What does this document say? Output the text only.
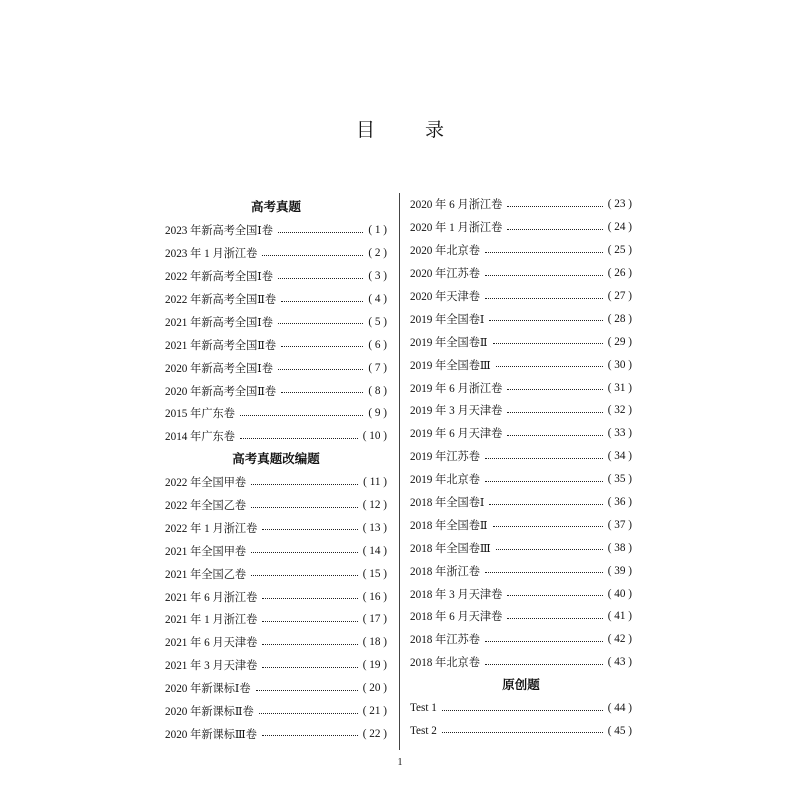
目 录
高考真题
2023 年新高考全国Ⅰ卷	( 1 )
2023 年 1 月浙江卷	( 2 )
2022 年新高考全国Ⅰ卷	( 3 )
2022 年新高考全国Ⅱ卷	( 4 )
2021 年新高考全国Ⅰ卷	( 5 )
2021 年新高考全国Ⅱ卷	( 6 )
2020 年新高考全国Ⅰ卷	( 7 )
2020 年新高考全国Ⅱ卷	( 8 )
2015 年广东卷	( 9 )
2014 年广东卷	( 10 )
高考真题改编题
2022 年全国甲卷	( 11 )
2022 年全国乙卷	( 12 )
2022 年 1 月浙江卷	( 13 )
2021 年全国甲卷	( 14 )
2021 年全国乙卷	( 15 )
2021 年 6 月浙江卷	( 16 )
2021 年 1 月浙江卷	( 17 )
2021 年 6 月天津卷	( 18 )
2021 年 3 月天津卷	( 19 )
2020 年新课标Ⅰ卷	( 20 )
2020 年新课标Ⅱ卷	( 21 )
2020 年新课标Ⅲ卷	( 22 )
2020 年 6 月浙江卷	( 23 )
2020 年 1 月浙江卷	( 24 )
2020 年北京卷	( 25 )
2020 年江苏卷	( 26 )
2020 年天津卷	( 27 )
2019 年全国卷Ⅰ	( 28 )
2019 年全国卷Ⅱ	( 29 )
2019 年全国卷Ⅲ	( 30 )
2019 年 6 月浙江卷	( 31 )
2019 年 3 月天津卷	( 32 )
2019 年 6 月天津卷	( 33 )
2019 年江苏卷	( 34 )
2019 年北京卷	( 35 )
2018 年全国卷Ⅰ	( 36 )
2018 年全国卷Ⅱ	( 37 )
2018 年全国卷Ⅲ	( 38 )
2018 年浙江卷	( 39 )
2018 年 3 月天津卷	( 40 )
2018 年 6 月天津卷	( 41 )
2018 年江苏卷	( 42 )
2018 年北京卷	( 43 )
原创题
Test 1	( 44 )
Test 2	( 45 )
1
